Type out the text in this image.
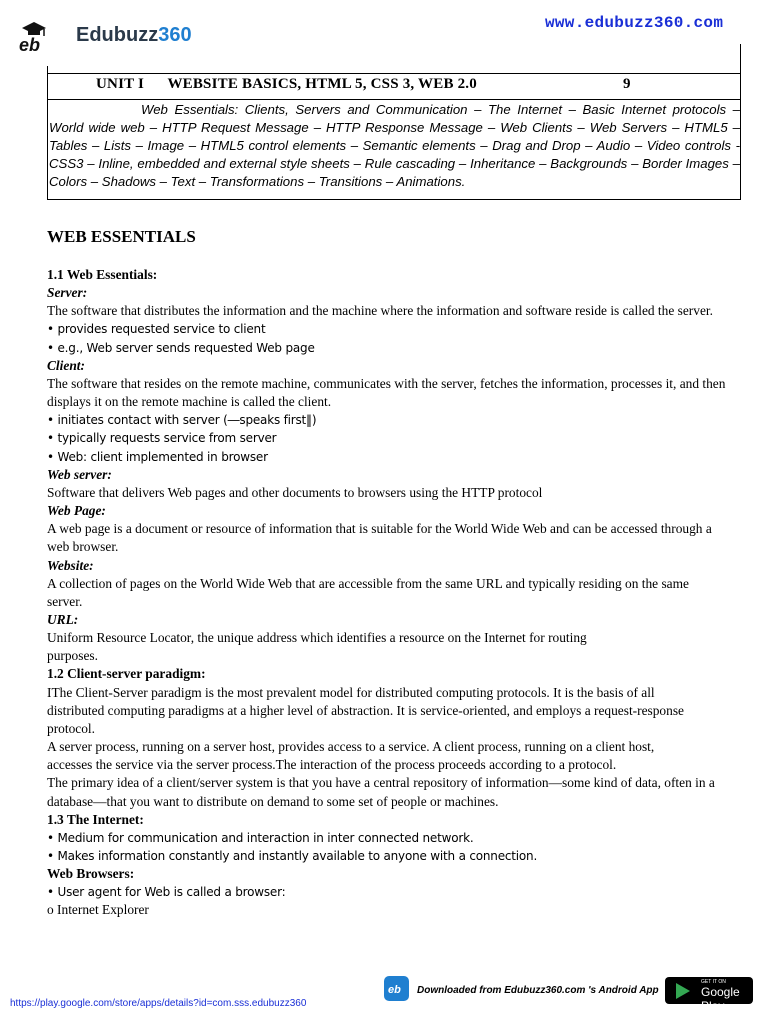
www.edubuzz360.com
eb Edubuzz360
UNIT I      WEBSITE BASICS, HTML 5, CSS 3, WEB 2.0	9
Web Essentials: Clients, Servers and Communication – The Internet – Basic Internet protocols – World wide web – HTTP Request Message – HTTP Response Message – Web Clients – Web Servers – HTML5 – Tables – Lists – Image – HTML5 control elements – Semantic elements – Drag and Drop – Audio – Video controls - CSS3 – Inline, embedded and external style sheets – Rule cascading – Inheritance – Backgrounds – Border Images – Colors – Shadows – Text – Transformations – Transitions – Animations.
WEB ESSENTIALS

1.1 Web Essentials:

Server:

The software that distributes the information and the machine where the information and software reside is called the server.

• provides requested service to client

• e.g., Web server sends requested Web page

Client:

The software that resides on the remote machine, communicates with the server, fetches the information, processes it, and then displays it on the remote machine is called the client.

• initiates contact with server (―speaks first‖)

• typically requests service from server

• Web: client implemented in browser

Web server:

Software that delivers Web pages and other documents to browsers using the HTTP protocol

Web Page:

A web page is a document or resource of information that is suitable for the World Wide Web and can be accessed through a web browser.

Website:

A collection of pages on the World Wide Web that are accessible from the same URL and typically residing on the same server.

URL:

Uniform Resource Locator, the unique address which identifies a resource on the Internet for routing purposes.

1.2 Client-server paradigm:

IThe Client-Server paradigm is the most prevalent model for distributed computing protocols. It is the basis of all distributed computing paradigms at a higher level of abstraction. It is service-oriented, and employs a request-response protocol.

A server process, running on a server host, provides access to a service. A client process, running on a client host, accesses the service via the server process.The interaction of the process proceeds according to a protocol.

The primary idea of a client/server system is that you have a central repository of information—some kind of data, often in a database—that you want to distribute on demand to some set of people or machines.

1.3 The Internet:

• Medium for communication and interaction in inter connected network.

• Makes information constantly and instantly available to anyone with a connection.

Web Browsers:

• User agent for Web is called a browser:

o Internet Explorer

https://play.google.com/store/apps/details?id=com.sss.edubuzz360
eb Downloaded from Edubuzz360.com 's Android App
GET IT ON
Google Play
